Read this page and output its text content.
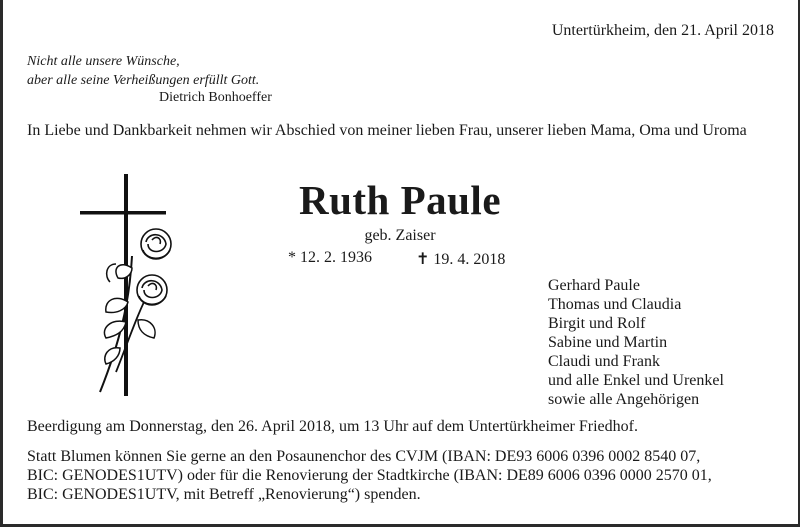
Untertürkheim, den 21. April 2018
Nicht alle unsere Wünsche,
aber alle seine Verheißungen erfüllt Gott.
Dietrich Bonhoeffer
In Liebe und Dankbarkeit nehmen wir Abschied von meiner lieben Frau, unserer lieben Mama, Oma und Uroma
Ruth Paule
geb. Zaiser
* 12. 2. 1936	✝ 19. 4. 2018
Gerhard Paule
Thomas und Claudia
Birgit und Rolf
Sabine und Martin
Claudi und Frank
und alle Enkel und Urenkel
sowie alle Angehörigen
Beerdigung am Donnerstag, den 26. April 2018, um 13 Uhr auf dem Untertürkheimer Friedhof.
Statt Blumen können Sie gerne an den Posaunenchor des CVJM (IBAN: DE93 6006 0396 0002 8540 07,
BIC: GENODES1UTV) oder für die Renovierung der Stadtkirche (IBAN: DE89 6006 0396 0000 2570 01,
BIC: GENODES1UTV, mit Betreff „Renovierung“) spenden.
